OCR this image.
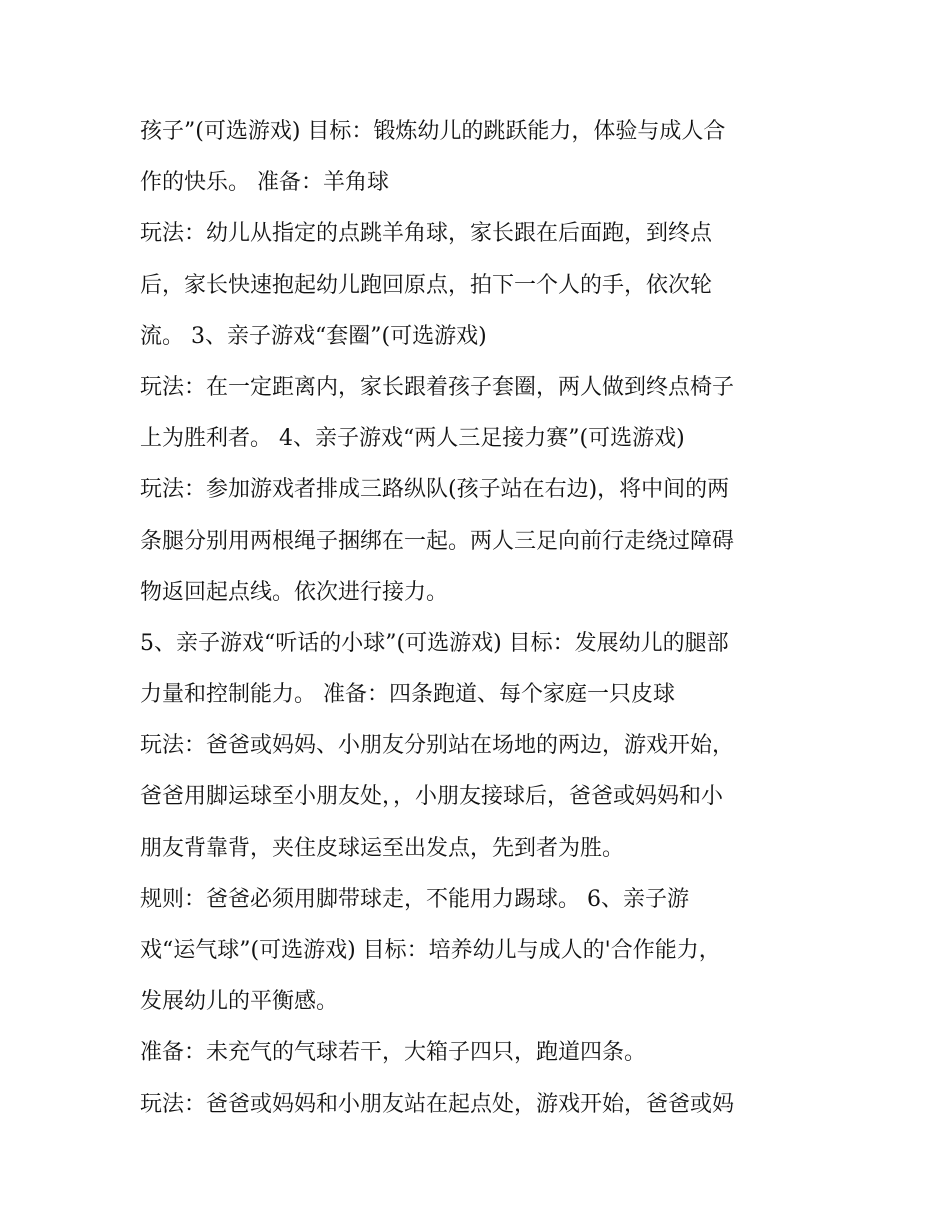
孩子”(可选游戏) 目标：锻炼幼儿的跳跃能力，体验与成人合

作的快乐。 准备：羊角球

玩法：幼儿从指定的点跳羊角球，家长跟在后面跑，到终点

后，家长快速抱起幼儿跑回原点，拍下一个人的手，依次轮

流。 3、亲子游戏“套圈”(可选游戏)

玩法：在一定距离内，家长跟着孩子套圈，两人做到终点椅子

上为胜利者。 4、亲子游戏“两人三足接力赛”(可选游戏)

玩法：参加游戏者排成三路纵队(孩子站在右边)，将中间的两

条腿分别用两根绳子捆绑在一起。两人三足向前行走绕过障碍

物返回起点线。依次进行接力。

5、亲子游戏“听话的小球”(可选游戏) 目标：发展幼儿的腿部

力量和控制能力。 准备：四条跑道、每个家庭一只皮球

玩法：爸爸或妈妈、小朋友分别站在场地的两边，游戏开始，

爸爸用脚运球至小朋友处，，小朋友接球后，爸爸或妈妈和小

朋友背靠背，夹住皮球运至出发点，先到者为胜。

规则：爸爸必须用脚带球走，不能用力踢球。 6、亲子游

戏“运气球”(可选游戏) 目标：培养幼儿与成人的'合作能力，

发展幼儿的平衡感。

准备：未充气的气球若干，大箱子四只，跑道四条。

玩法：爸爸或妈妈和小朋友站在起点处，游戏开始，爸爸或妈
